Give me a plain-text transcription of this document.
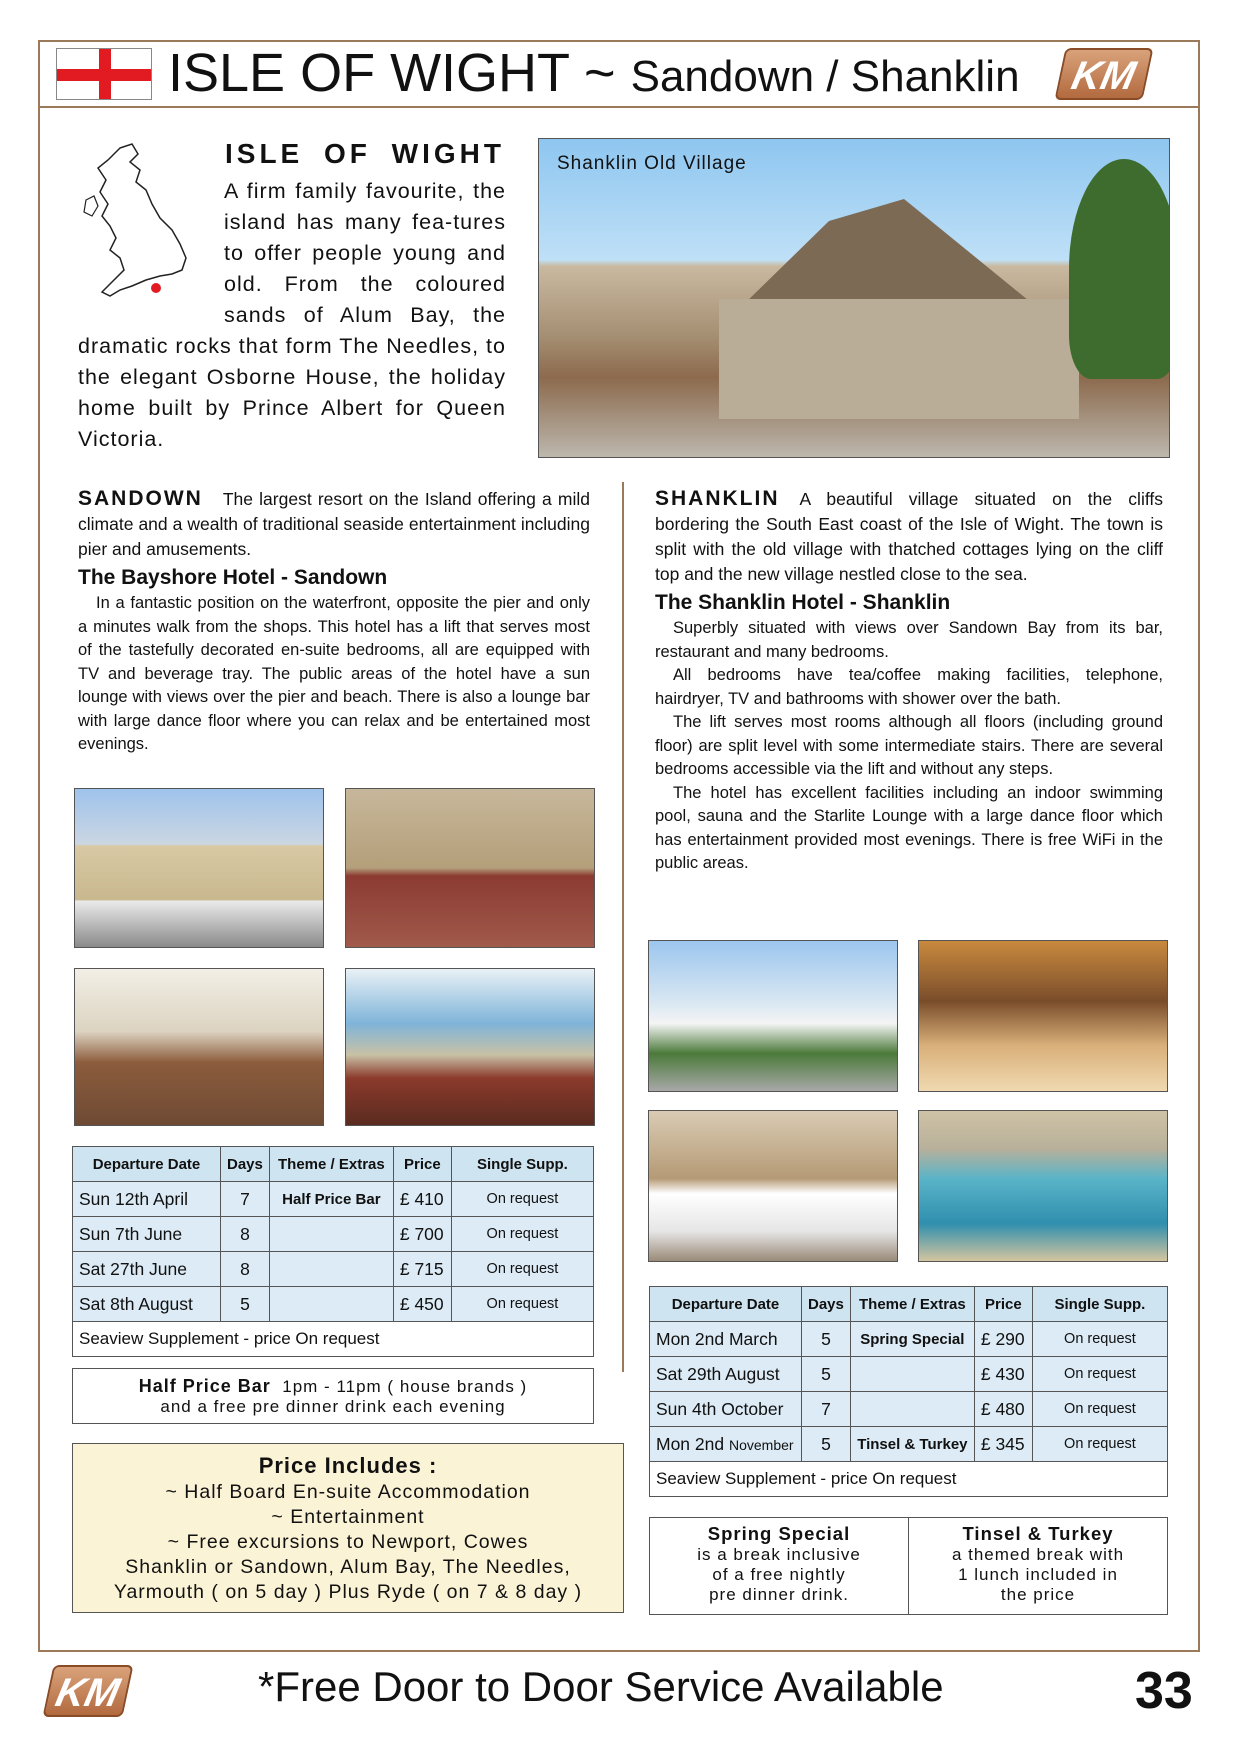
ISLE OF WIGHT ~ Sandown / Shanklin	KM
ISLE OF WIGHT
A firm family favourite, the island has many fea-tures to offer people young and old. From the coloured sands of Alum Bay, the dramatic rocks that form The Needles, to the elegant Osborne House, the holiday home built by Prince Albert for Queen Victoria.
Shanklin Old Village
SANDOWN The largest resort on the Island offering a mild climate and a wealth of traditional seaside entertainment including pier and amusements.
The Bayshore Hotel - Sandown
In a fantastic position on the waterfront, opposite the pier and only a minutes walk from the shops. This hotel has a lift that serves most of the tastefully decorated en-suite bedrooms, all are equipped with TV and beverage tray. The public areas of the hotel have a sun lounge with views over the pier and beach. There is also a lounge bar with large dance floor where you can relax and be entertained most evenings.
SHANKLIN A beautiful village situated on the cliffs bordering the South East coast of the Isle of Wight. The town is split with the old village with thatched cottages lying on the cliff top and the new village nestled close to the sea.
The Shanklin Hotel - Shanklin
Superbly situated with views over Sandown Bay from its bar, restaurant and many bedrooms.
All bedrooms have tea/coffee making facilities, telephone, hairdryer, TV and bathrooms with shower over the bath.
The lift serves most rooms although all floors (including ground floor) are split level with some intermediate stairs. There are several bedrooms accessible via the lift and without any steps.
The hotel has excellent facilities including an indoor swimming pool, sauna and the Starlite Lounge with a large dance floor which has entertainment provided most evenings. There is free WiFi in the public areas.
Departure Date	Days	Theme / Extras	Price	Single Supp.
Sun 12th April	7	Half Price Bar	£ 410	On request
Sun 7th June	8		£ 700	On request
Sat 27th June	8		£ 715	On request
Sat 8th August	5		£ 450	On request
Seaview Supplement - price On request				
Departure Date	Days	Theme / Extras	Price	Single Supp.
Mon 2nd March	5	Spring Special	£ 290	On request
Sat 29th August	5		£ 430	On request
Sun 4th October	7		£ 480	On request
Mon 2nd November	5	Tinsel & Turkey	£ 345	On request
Seaview Supplement - price On request				
Half Price Bar 1pm - 11pm ( house brands )
and a free pre dinner drink each evening
Price Includes :
~ Half Board En-suite Accommodation
~ Entertainment
~ Free excursions to Newport, Cowes
Shanklin or Sandown, Alum Bay, The Needles,
Yarmouth ( on 5 day ) Plus Ryde ( on 7 & 8 day )
Spring Special
is a break inclusive
of a free nightly
pre dinner drink.
Tinsel & Turkey
a themed break with
1 lunch included in
the price
KM	*Free Door to Door Service Available	33
